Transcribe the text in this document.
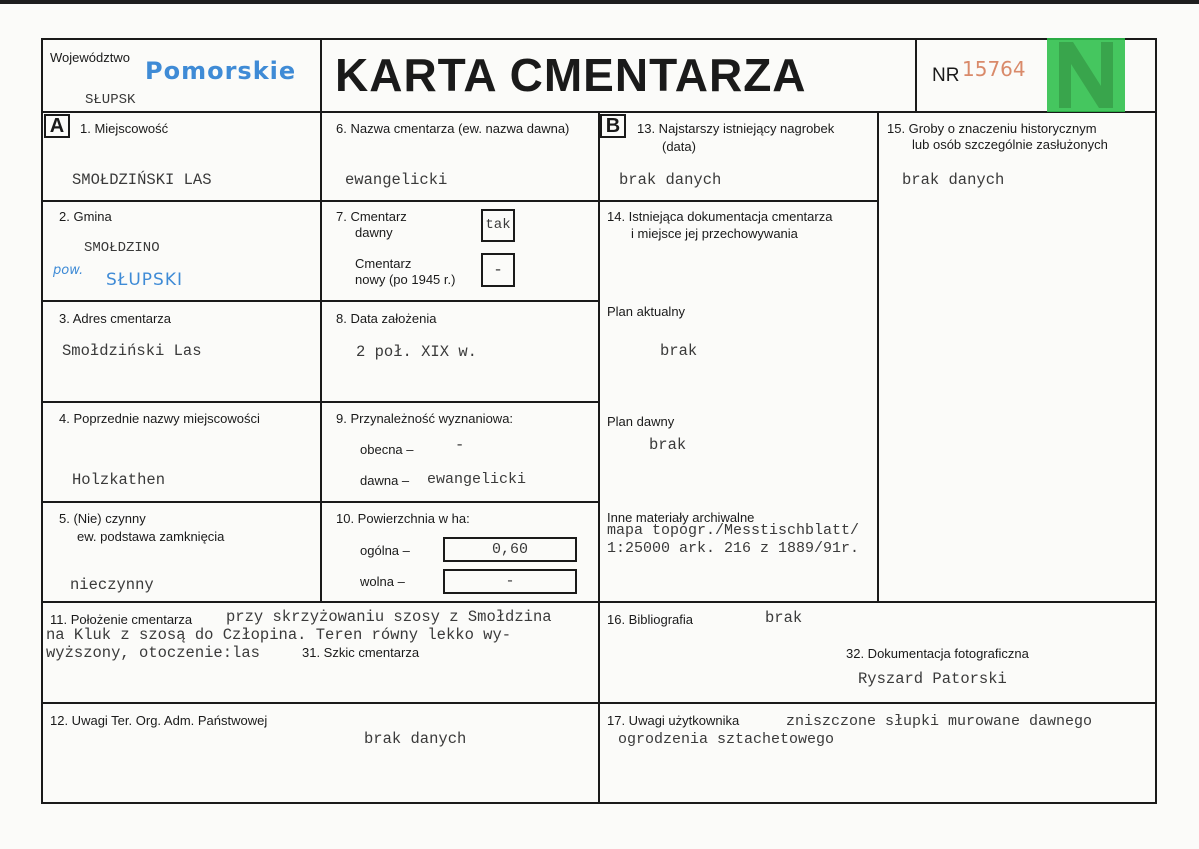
Województwo Pomorskie
SŁUPSK	KARTA CMENTARZA	NR 15764
A	1. Miejscowość
SMOŁDZIŃSKI LAS
2. Gmina
SMOŁDZINO
pow. SŁUPSKI
3. Adres cmentarza
Smołdziński Las
4. Poprzednie nazwy miejscowości
Holzkathen
5. (Nie) czynny
ew. podstawa zamknięcia
nieczynny
6. Nazwa cmentarza (ew. nazwa dawna)
ewangelicki
7. Cmentarz
dawny	tak
Cmentarz
nowy (po 1945 r.)
-
8. Data założenia
2 poł. XIX w.
9. Przynależność wyznaniowa:
obecna –	-
dawna – ewangelicki
10. Powierzchnia w ha:
ogólna –	0,60
wolna –	-
B	13. Najstarszy istniejący nagrobek
(data)
brak danych
14. Istniejąca dokumentacja cmentarza
i miejsce jej przechowywania
Plan aktualny
brak
Plan dawny
brak
Inne materiały archiwalne
mapa topogr./Messtischblatt/
1:25000 ark. 216 z 1889/91r.
15. Groby o znaczeniu historycznym
lub osób szczególnie zasłużonych
brak danych
11. Położenie cmentarza przy skrzyżowaniu szosy z Smołdzina
na Kluk z szosą do Człopina. Teren równy lekko wy-
wyższony, otoczenie:las	31. Szkic cmentarza
16. Bibliografia	brak
32. Dokumentacja fotograficzna
Ryszard Patorski
12. Uwagi Ter. Org. Adm. Państwowej
brak danych
17. Uwagi użytkownika	zniszczone słupki murowane dawnego
ogrodzenia sztachetowego
